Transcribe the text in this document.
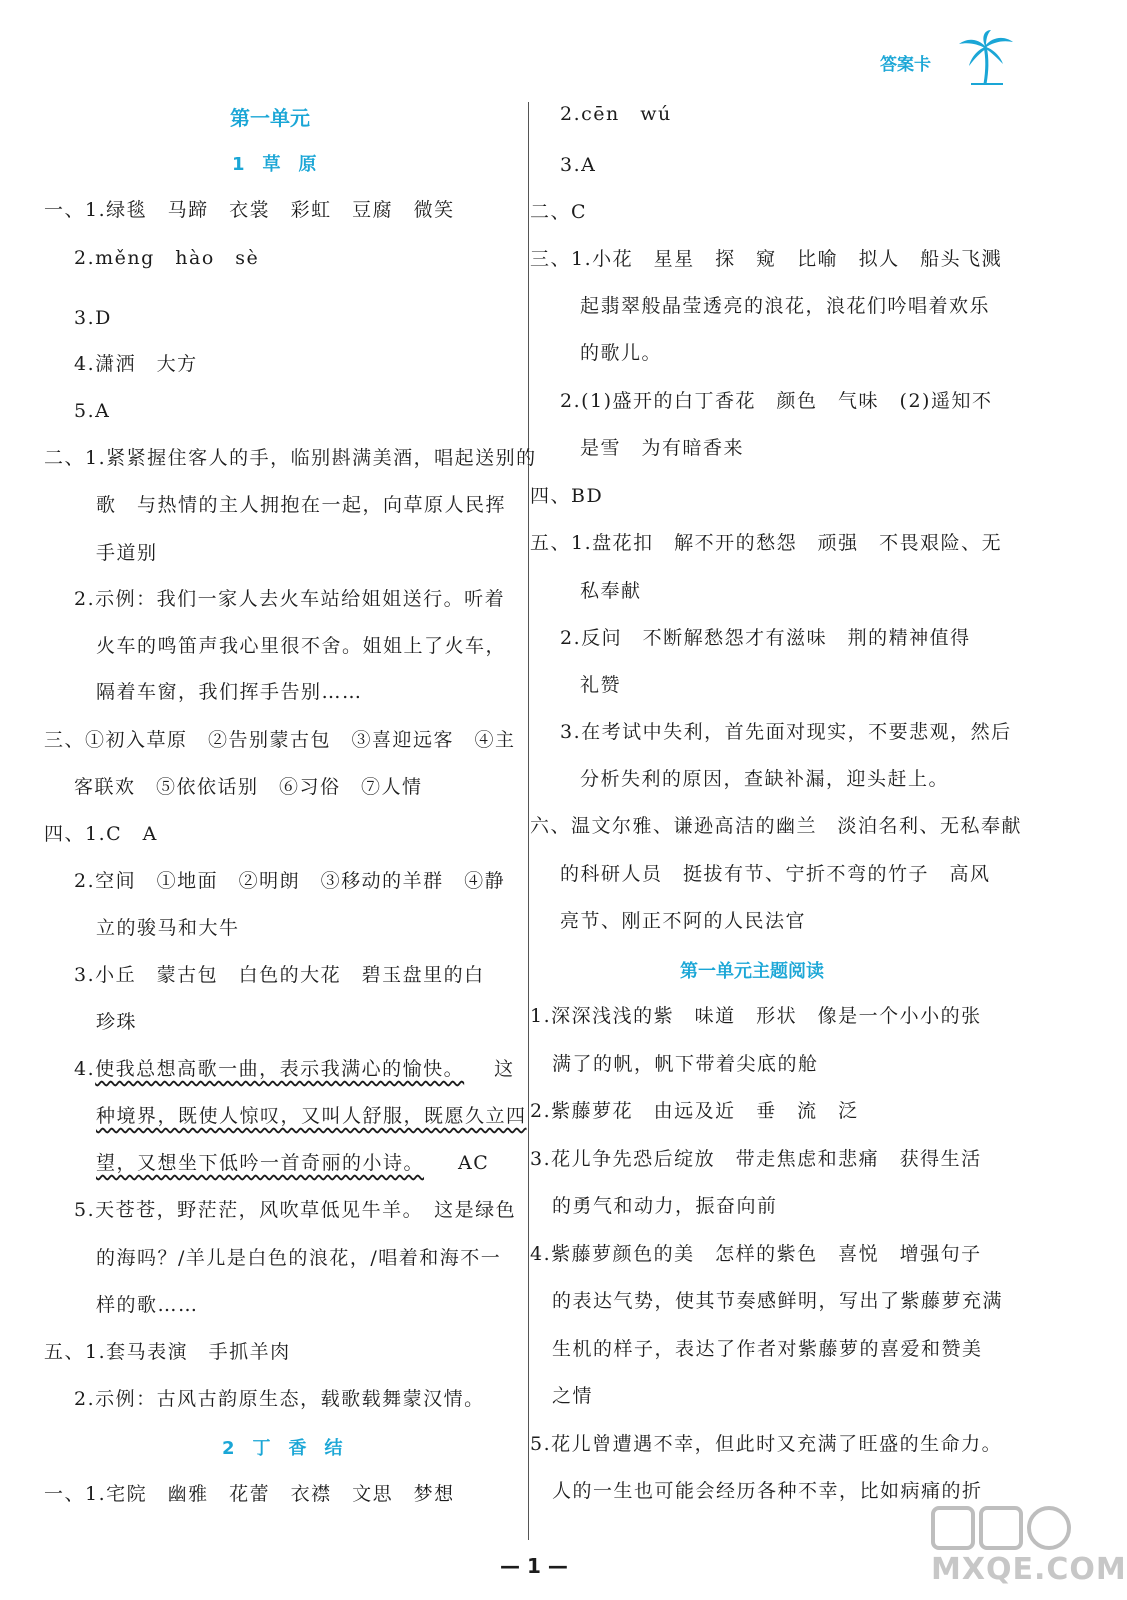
答案卡
第一单元
1　草　原
一、1.绿毯　马蹄　衣裳　彩虹　豆腐　微笑
2.měng　hào　sè
3.D
4.潇洒　大方
5.A
二、1.紧紧握住客人的手，临别斟满美酒，唱起送别的
歌　与热情的主人拥抱在一起，向草原人民挥
手道别
2.示例：我们一家人去火车站给姐姐送行。听着
火车的鸣笛声我心里很不舍。姐姐上了火车，
隔着车窗，我们挥手告别……
三、①初入草原　②告别蒙古包　③喜迎远客　④主
客联欢　⑤依依话别　⑥习俗　⑦人情
四、1.C　A
2.空间　①地面　②明朗　③移动的羊群　④静
立的骏马和大牛
3.小丘　蒙古包　白色的大花　碧玉盘里的白
珍珠
4.使我总想高歌一曲，表示我满心的愉快。 这
种境界，既使人惊叹，又叫人舒服，既愿久立四
望，又想坐下低吟一首奇丽的小诗。 AC
5.天苍苍，野茫茫，风吹草低见牛羊。　这是绿色
的海吗？/羊儿是白色的浪花，/唱着和海不一
样的歌……
五、1.套马表演　手抓羊肉
2.示例：古风古韵原生态，载歌载舞蒙汉情。
2　丁　香　结
一、1.宅院　幽雅　花蕾　衣襟　文思　梦想
2.cēn　wú
3.A
二、C
三、1.小花　星星　探　窥　比喻　拟人　船头飞溅
起翡翠般晶莹透亮的浪花，浪花们吟唱着欢乐
的歌儿。
2.(1)盛开的白丁香花　颜色　气味　(2)遥知不
是雪　为有暗香来
四、BD
五、1.盘花扣　解不开的愁怨　顽强　不畏艰险、无
私奉献
2.反问　不断解愁怨才有滋味　荆的精神值得
礼赞
3.在考试中失利，首先面对现实，不要悲观，然后
分析失利的原因，查缺补漏，迎头赶上。
六、温文尔雅、谦逊高洁的幽兰　淡泊名利、无私奉献
的科研人员　挺拔有节、宁折不弯的竹子　高风
亮节、刚正不阿的人民法官
第一单元主题阅读
1.深深浅浅的紫　味道　形状　像是一个小小的张
满了的帆，帆下带着尖底的舱
2.紫藤萝花　由远及近　垂　流　泛
3.花儿争先恐后绽放　带走焦虑和悲痛　获得生活
的勇气和动力，振奋向前
4.紫藤萝颜色的美　怎样的紫色　喜悦　增强句子
的表达气势，使其节奏感鲜明，写出了紫藤萝充满
生机的样子，表达了作者对紫藤萝的喜爱和赞美
之情
5.花儿曾遭遇不幸，但此时又充满了旺盛的生命力。
人的一生也可能会经历各种不幸，比如病痛的折
— 1 —	MXQE.COM
